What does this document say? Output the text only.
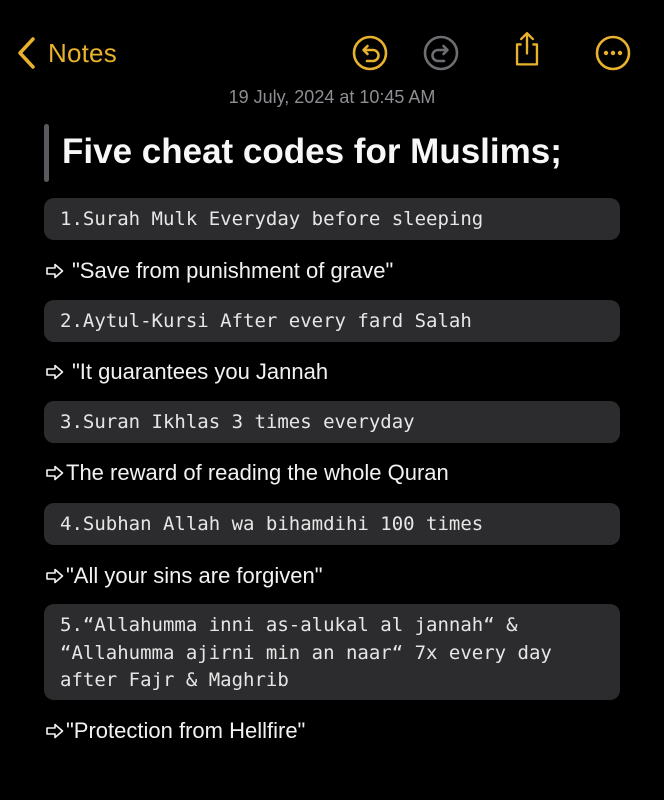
Notes
19 July, 2024 at 10:45 AM
Five cheat codes for Muslims;
1.Surah Mulk Everyday before sleeping
"Save from punishment of grave"
2.Aytul-Kursi After every fard Salah
"It guarantees you Jannah
3.Suran Ikhlas 3 times everyday
The reward of reading the whole Quran
4.Subhan Allah wa bihamdihi 100 times
"All your sins are forgiven"
5.“Allahumma inni as-alukal al jannah“ &
“Allahumma ajirni min an naar“ 7x every day
after Fajr & Maghrib
"Protection from Hellfire"
